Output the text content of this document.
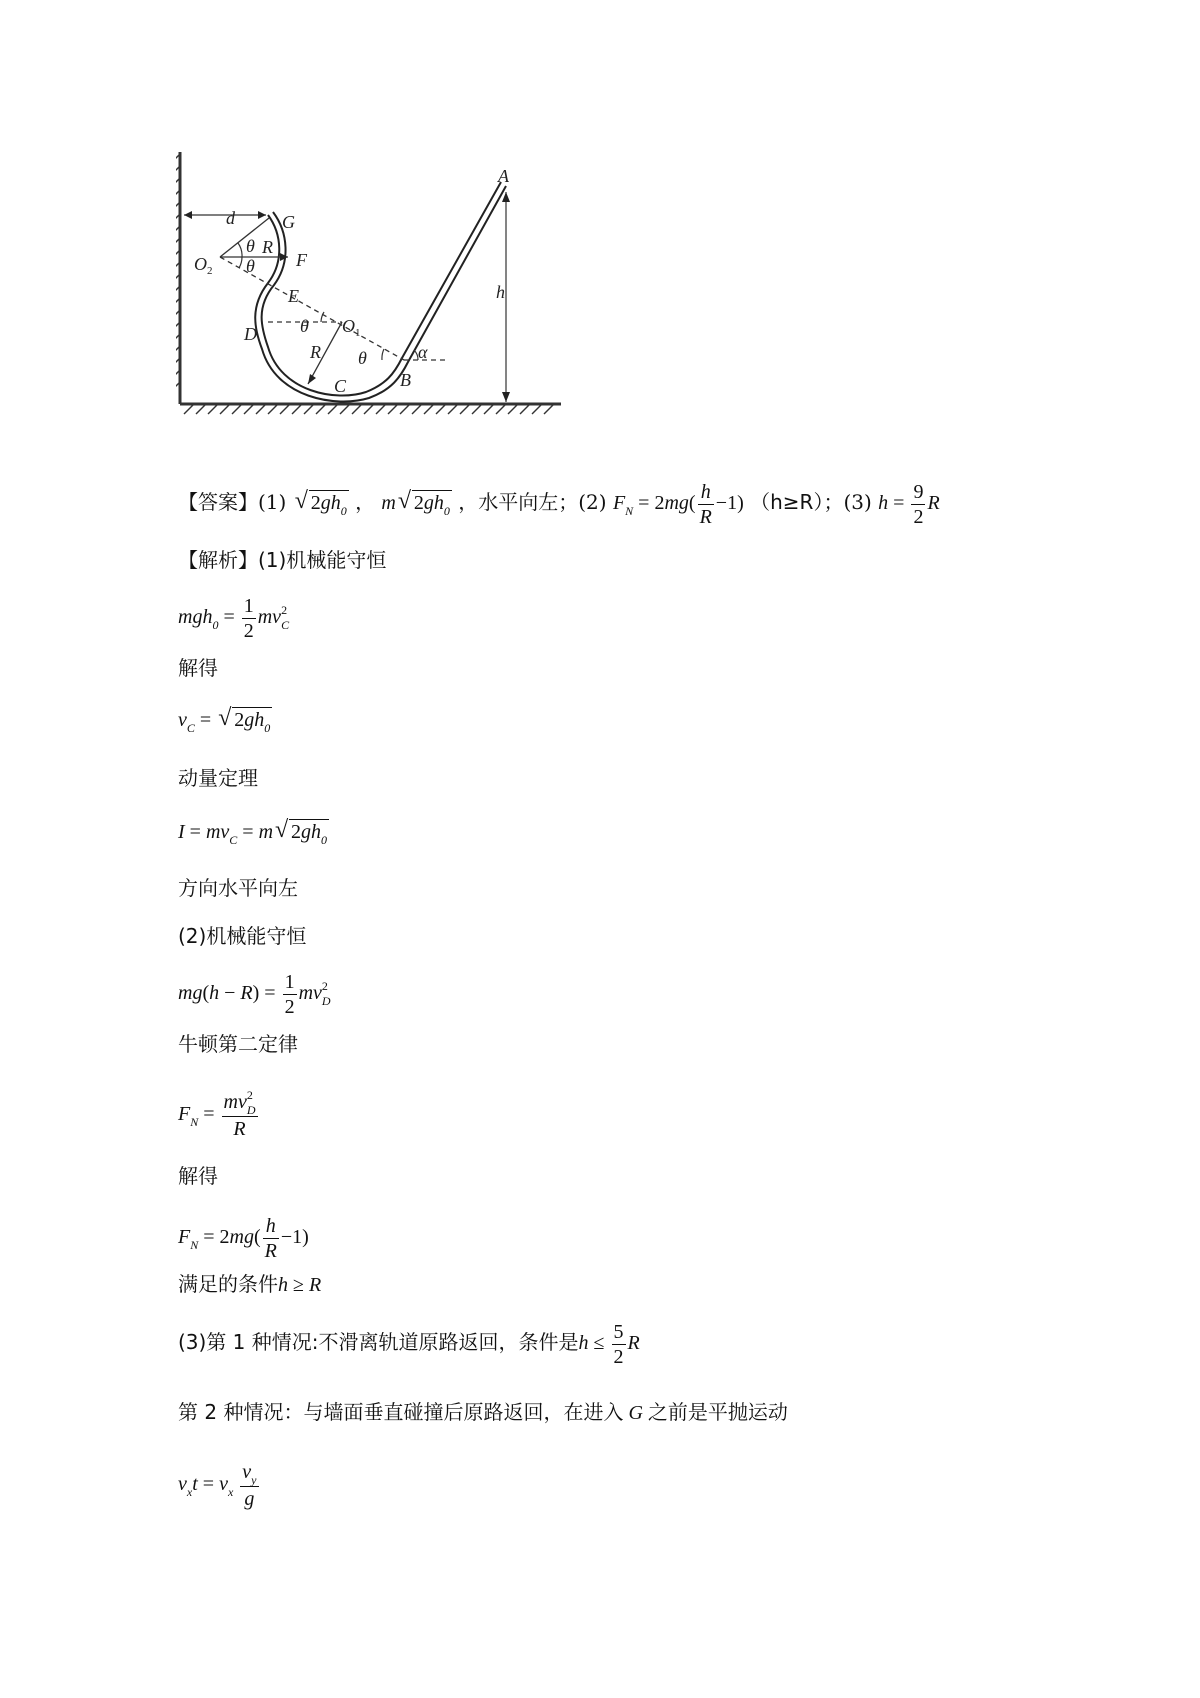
A
B
C
D
E
F
G
$O_2$
$O_1$
d
R
R
h
θ
θ
θ
θ	α
【答案】(1) √ $2gh_0$ ， m√ $2gh_0$ ，水平向左；(2) $F_N = 2mg( \frac{h}{R} -1)$ （h≥R）；(3) $h = \frac{9}{2}$ R
【解析】(1)机械能守恒
$mgh_0 = \frac{1}{2} mv^2_C$
解得
$v_C$ = √ $2gh_0$
动量定理
$I = mv_C = m√$ $2gh_0$
方向水平向左
(2)机械能守恒
$mg(h - R) = \frac{1}{2} mv^2_D$
牛顿第二定律
$F_N = \frac{mv^2_D}{R}$
解得
$F_N = 2mg( \frac{h}{R} -1)$
满足的条件h ≥ R
(3)第 1 种情况:不滑离轨道原路返回，条件是$h \le \frac{5}{2}$ R
第 2 种情况：与墙面垂直碰撞后原路返回，在进入 G 之前是平抛运动
$v_xt = v_x \frac{v_y}{g}$
